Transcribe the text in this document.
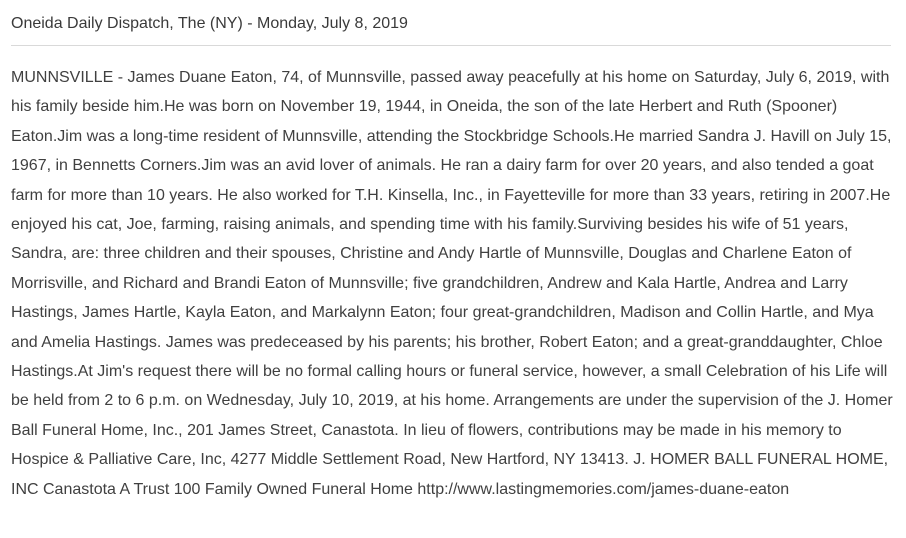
Oneida Daily Dispatch, The (NY) - Monday, July 8, 2019

MUNNSVILLE - James Duane Eaton, 74, of Munnsville, passed away peacefully at his home on Saturday, July 6, 2019, with his family beside him.He was born on November 19, 1944, in Oneida, the son of the late Herbert and Ruth (Spooner) Eaton.Jim was a long-time resident of Munnsville, attending the Stockbridge Schools.He married Sandra J. Havill on July 15, 1967, in Bennetts Corners.Jim was an avid lover of animals. He ran a dairy farm for over 20 years, and also tended a goat farm for more than 10 years. He also worked for T.H. Kinsella, Inc., in Fayetteville for more than 33 years, retiring in 2007.He enjoyed his cat, Joe, farming, raising animals, and spending time with his family.Surviving besides his wife of 51 years, Sandra, are: three children and their spouses, Christine and Andy Hartle of Munnsville, Douglas and Charlene Eaton of Morrisville, and Richard and Brandi Eaton of Munnsville; five grandchildren, Andrew and Kala Hartle, Andrea and Larry Hastings, James Hartle, Kayla Eaton, and Markalynn Eaton; four great-grandchildren, Madison and Collin Hartle, and Mya and Amelia Hastings. James was predeceased by his parents; his brother, Robert Eaton; and a great-granddaughter, Chloe Hastings.At Jim's request there will be no formal calling hours or funeral service, however, a small Celebration of his Life will be held from 2 to 6 p.m. on Wednesday, July 10, 2019, at his home. Arrangements are under the supervision of the J. Homer Ball Funeral Home, Inc., 201 James Street, Canastota. In lieu of flowers, contributions may be made in his memory to Hospice & Palliative Care, Inc, 4277 Middle Settlement Road, New Hartford, NY 13413. J. HOMER BALL FUNERAL HOME, INC Canastota A Trust 100 Family Owned Funeral Home http://www.lastingmemories.com/james-duane-eaton
